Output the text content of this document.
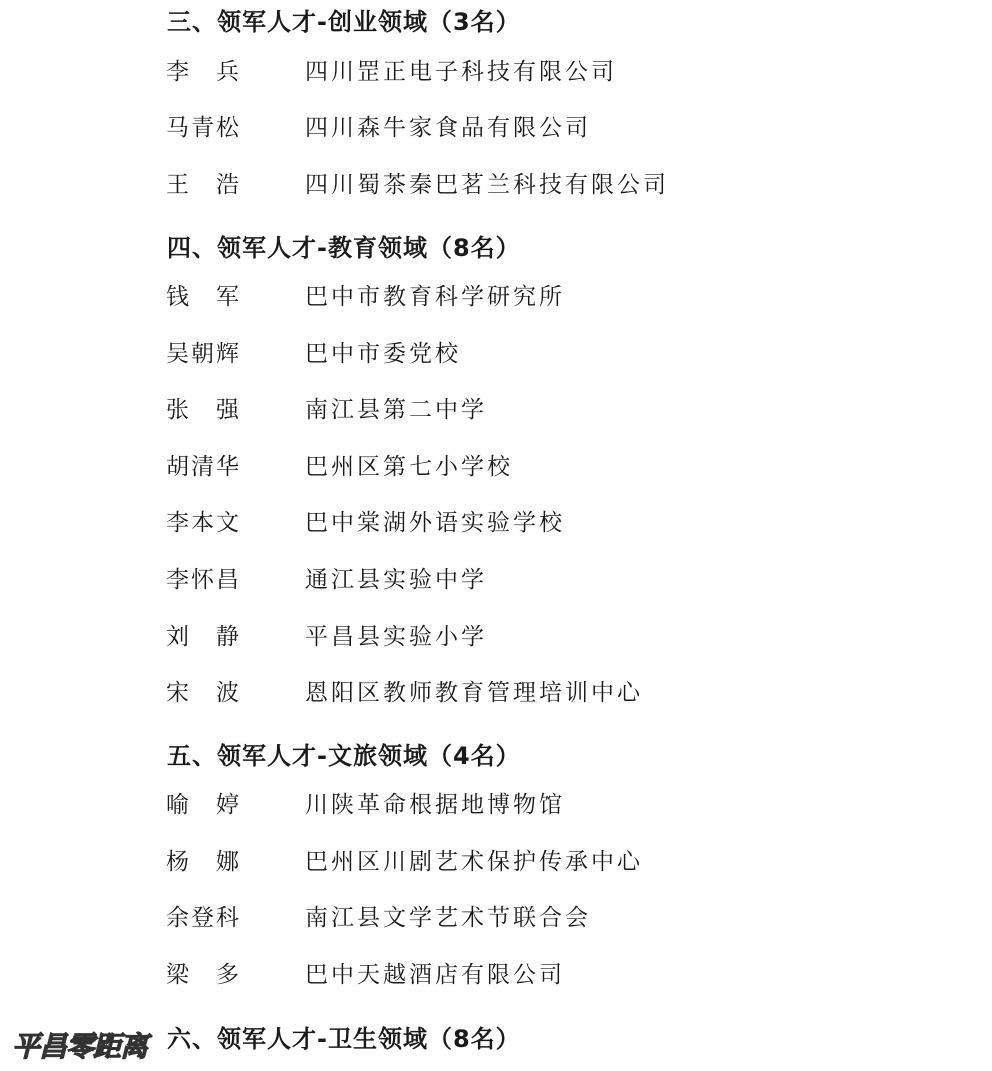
三、领军人才-创业领域（3名）
李　兵	四川罡正电子科技有限公司
马青松	四川森牛家食品有限公司
王　浩	四川蜀茶秦巴茗兰科技有限公司
四、领军人才-教育领域（8名）
钱　军	巴中市教育科学研究所
吴朝辉	巴中市委党校
张　强	南江县第二中学
胡清华	巴州区第七小学校
李本文	巴中棠湖外语实验学校
李怀昌	通江县实验中学
刘　静	平昌县实验小学
宋　波	恩阳区教师教育管理培训中心
五、领军人才-文旅领域（4名）
喻　婷	川陕革命根据地博物馆
杨　娜	巴州区川剧艺术保护传承中心
余登科	南江县文学艺术节联合会
梁　多	巴中天越酒店有限公司
六、领军人才-卫生领域（8名）
平昌零距离
